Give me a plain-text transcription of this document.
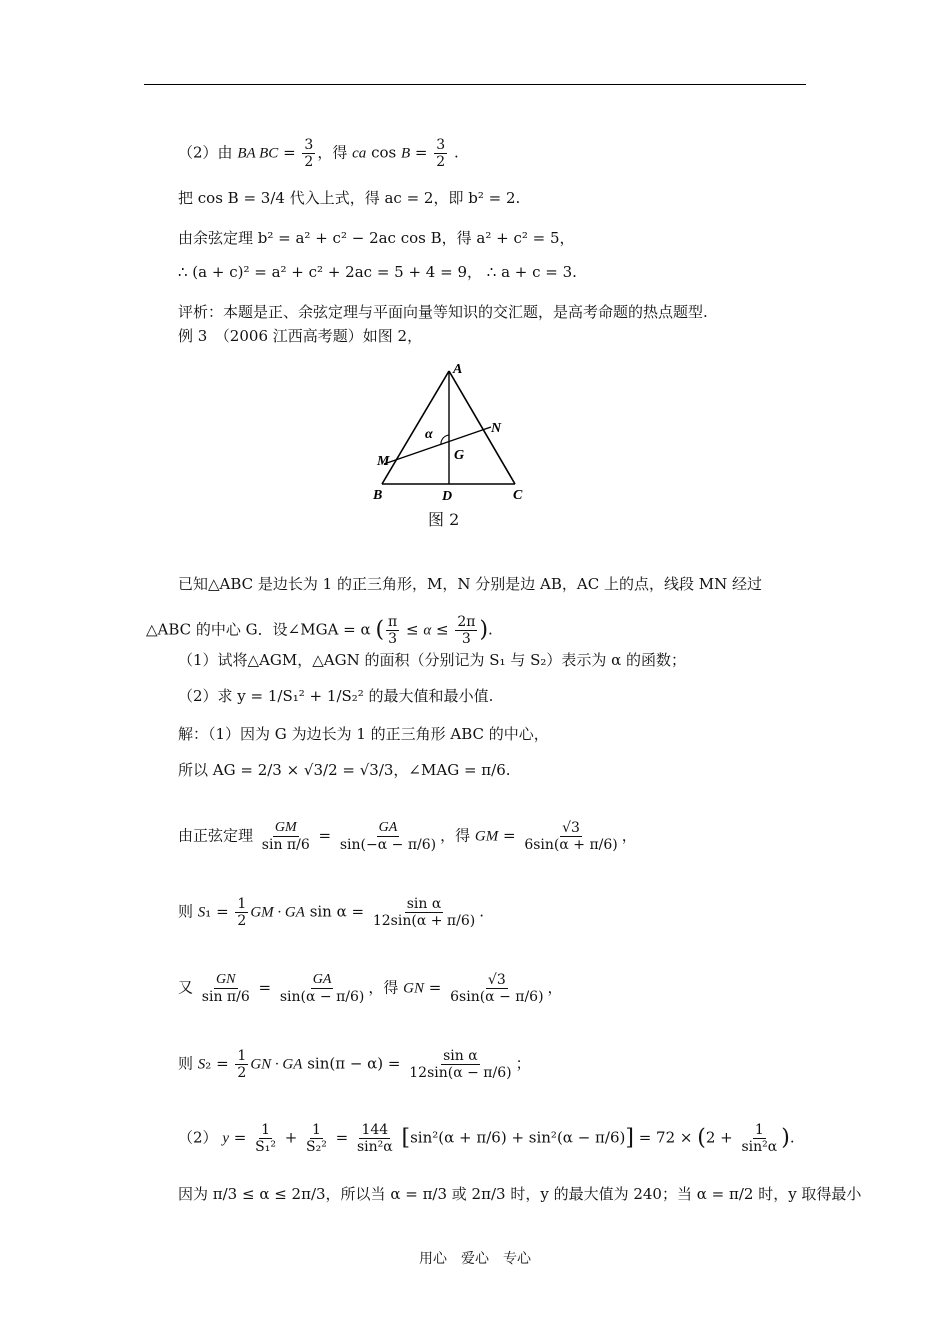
（2）由 BA BC = $\frac{3}{2}$ ，得 ca $\cos B = \frac{3}{2}$ .
把 cos B = 3/4 代入上式，得 ac = 2，即 b² = 2.
由余弦定理 b² = a² + c² − 2ac cos B，得 a² + c² = 5，
∴ (a + c)² = a² + c² + 2ac = 5 + 4 = 9， ∴ a + c = 3.
评析：本题是正、余弦定理与平面向量等知识的交汇题，是高考命题的热点题型.
例 3　（2006 江西高考题）如图 2，
A
B	C
D
M
N
G
α
图 2
已知△ABC 是边长为 1 的正三角形，M，N 分别是边 AB，AC 上的点，线段 MN 经过
△ABC 的中心 G．设∠MGA = α ( $\frac{\pi}{3} \le \alpha \le \frac{2\pi}{3}$ ).
（1）试将△AGM，△AGN 的面积（分别记为 S₁ 与 S₂）表示为 α 的函数；
（2）求 y = 1/S₁² + 1/S₂² 的最大值和最小值.
解：（1）因为 G 为边长为 1 的正三角形 ABC 的中心，
所以 AG = 2/3 × √3/2 = √3/3，∠MAG = π/6.
由正弦定理 $\frac{GM}{\text{sin π/6}} = \frac{GA}{\sin(-\alpha - \pi/6)}$ ，得 GM = $\frac{√3}{6\sin(\alpha + \pi/6)}$ ，
则 $S_1 = \frac{1}{2}$ GM · GA $\sin \alpha = \frac{\text{sin α}}{12\sin(\alpha + \pi/6)}$ .
又 $\frac{GN}{\text{sin π/6}} = \frac{GA}{\sin(\alpha - \pi/6)}$ ，得 GN = $\frac{√3}{6\sin(\alpha - \pi/6)}$ ，
则 $S_2 = \frac{1}{2}$ GN · GA $\sin(\pi - \alpha) = \frac{\text{sin α}}{12\sin(\alpha - \pi/6)}$ ；
（2） $y = \frac{1}{\text{S₁²}} + \frac{1}{\text{S₂²}} = \frac{144}{\text{sin²α}} [\sin^2(\alpha + \pi/6) + \sin^2(\alpha - \pi/6)] = 72 \times (2 + \frac{1}{\text{sin²α}}$ ).
因为 π/3 ≤ α ≤ 2π/3，所以当 α = π/3 或 2π/3 时，y 的最大值为 240；当 α = π/2 时，y 取得最小
用心　爱心　专心
